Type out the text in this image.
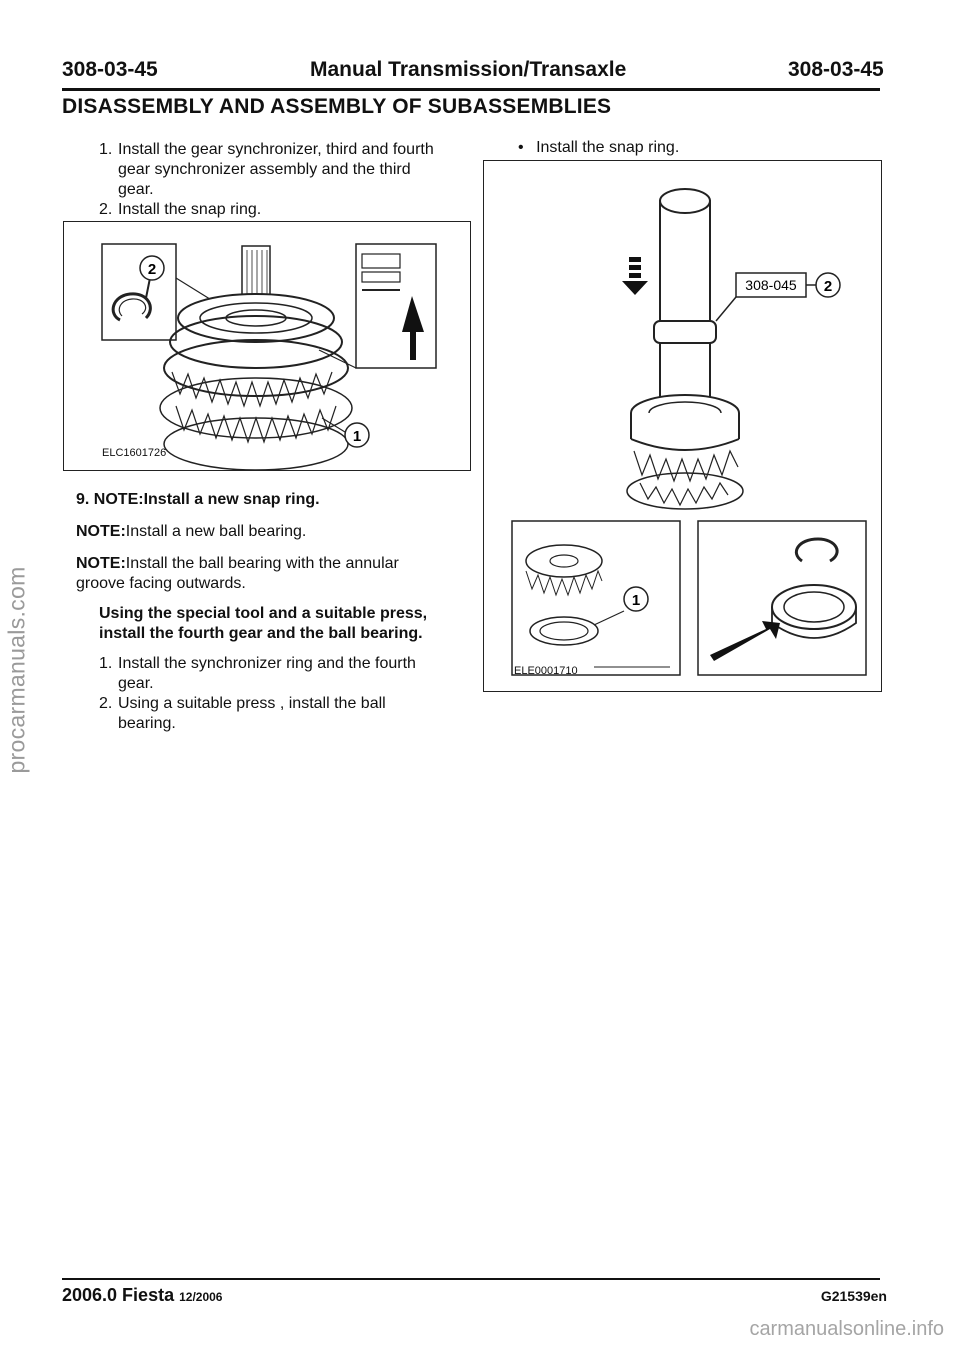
308-03-45	Manual Transmission/Transaxle	308-03-45
DISASSEMBLY AND ASSEMBLY OF SUBASSEMBLIES
procarmanuals.com
1. Install the gear synchronizer, third and fourth
gear synchronizer assembly and the third
gear.
2. Install the snap ring.
2
1
ELC1601726
9. NOTE:Install a new snap ring.
NOTE:Install a new ball bearing.
NOTE:Install the ball bearing with the annular
groove facing outwards.
Using the special tool and a suitable press,
install the fourth gear and the ball bearing.
1. Install the synchronizer ring and the fourth
gear.
2. Using a suitable press , install the ball
bearing.
• Install the snap ring.
308-045 2
1
ELE0001710
2006.0 Fiesta 12/2006	G21539en
carmanualsonline.info
